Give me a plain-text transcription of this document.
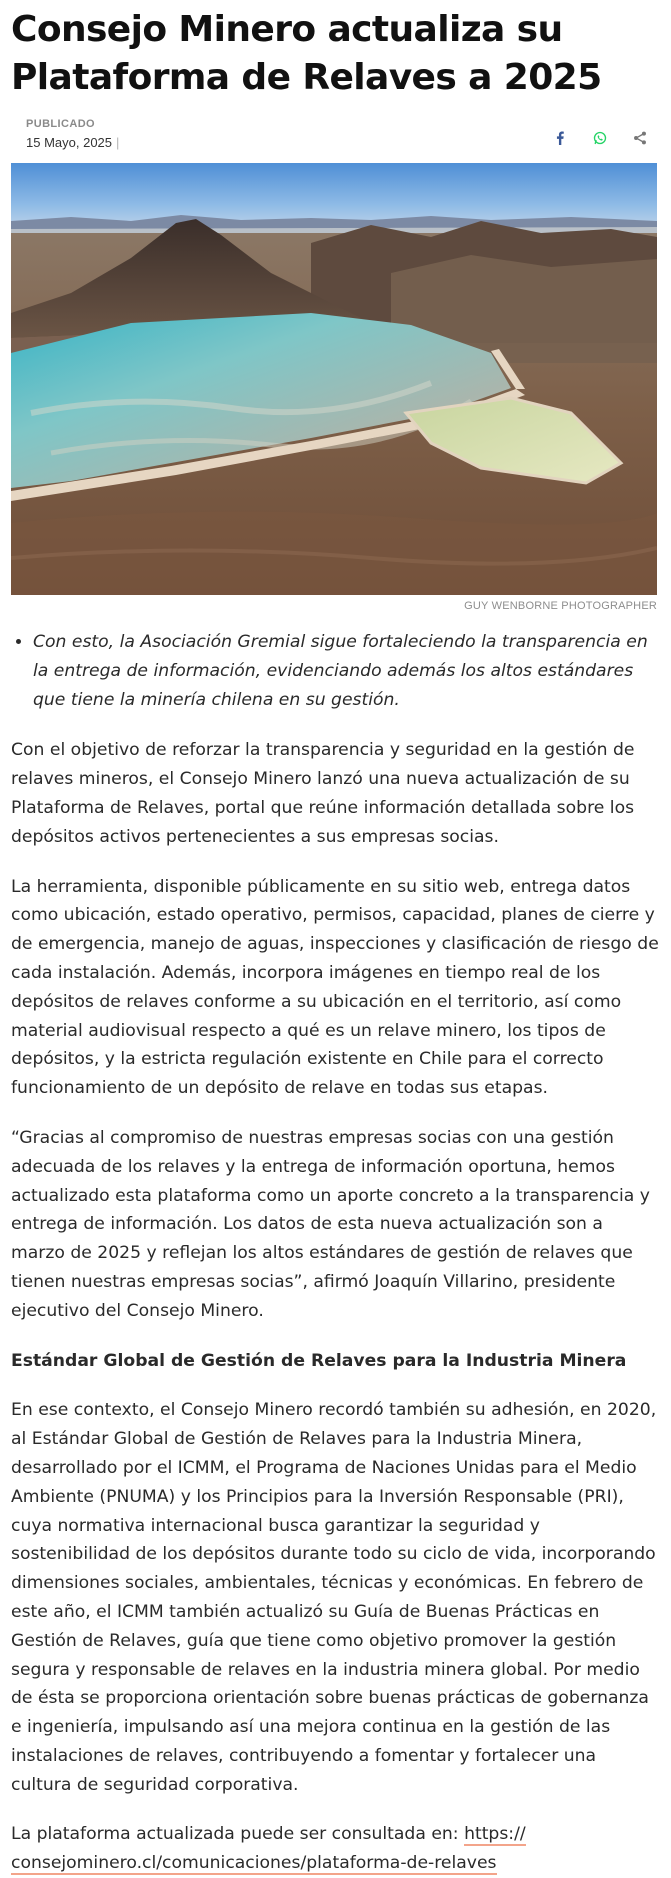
Consejo Minero actualiza su Plataforma de Relaves a 2025
PUBLICADO
15 Mayo, 2025 |
GUY WENBORNE PHOTOGRAPHER
• Con esto, la Asociación Gremial sigue fortaleciendo la transparencia en la entrega de información, evidenciando además los altos estándares que tiene la minería chilena en su gestión.

Con el objetivo de reforzar la transparencia y seguridad en la gestión de relaves mineros, el Consejo Minero lanzó una nueva actualización de su Plataforma de Relaves, portal que reúne información detallada sobre los depósitos activos pertenecientes a sus empresas socias.

La herramienta, disponible públicamente en su sitio web, entrega datos como ubicación, estado operativo, permisos, capacidad, planes de cierre y de emergencia, manejo de aguas, inspecciones y clasificación de riesgo de cada instalación. Además, incorpora imágenes en tiempo real de los depósitos de relaves conforme a su ubicación en el territorio, así como material audiovisual respecto a qué es un relave minero, los tipos de depósitos, y la estricta regulación existente en Chile para el correcto funcionamiento de un depósito de relave en todas sus etapas.

“Gracias al compromiso de nuestras empresas socias con una gestión adecuada de los relaves y la entrega de información oportuna, hemos actualizado esta plataforma como un aporte concreto a la transparencia y entrega de información. Los datos de esta nueva actualización son a marzo de 2025 y reflejan los altos estándares de gestión de relaves que tienen nuestras empresas socias”, afirmó Joaquín Villarino, presidente ejecutivo del Consejo Minero.

Estándar Global de Gestión de Relaves para la Industria Minera

En ese contexto, el Consejo Minero recordó también su adhesión, en 2020, al Estándar Global de Gestión de Relaves para la Industria Minera, desarrollado por el ICMM, el Programa de Naciones Unidas para el Medio Ambiente (PNUMA) y los Principios para la Inversión Responsable (PRI), cuya normativa internacional busca garantizar la seguridad y sostenibilidad de los depósitos durante todo su ciclo de vida, incorporando dimensiones sociales, ambientales, técnicas y económicas. En febrero de este año, el ICMM también actualizó su Guía de Buenas Prácticas en Gestión de Relaves, guía que tiene como objetivo promover la gestión segura y responsable de relaves en la industria minera global. Por medio de ésta se proporciona orientación sobre buenas prácticas de gobernanza e ingeniería, impulsando así una mejora continua en la gestión de las instalaciones de relaves, contribuyendo a fomentar y fortalecer una cultura de seguridad corporativa.

La plataforma actualizada puede ser consultada en: https://
consejominero.cl/comunicaciones/plataforma-de-relaves
